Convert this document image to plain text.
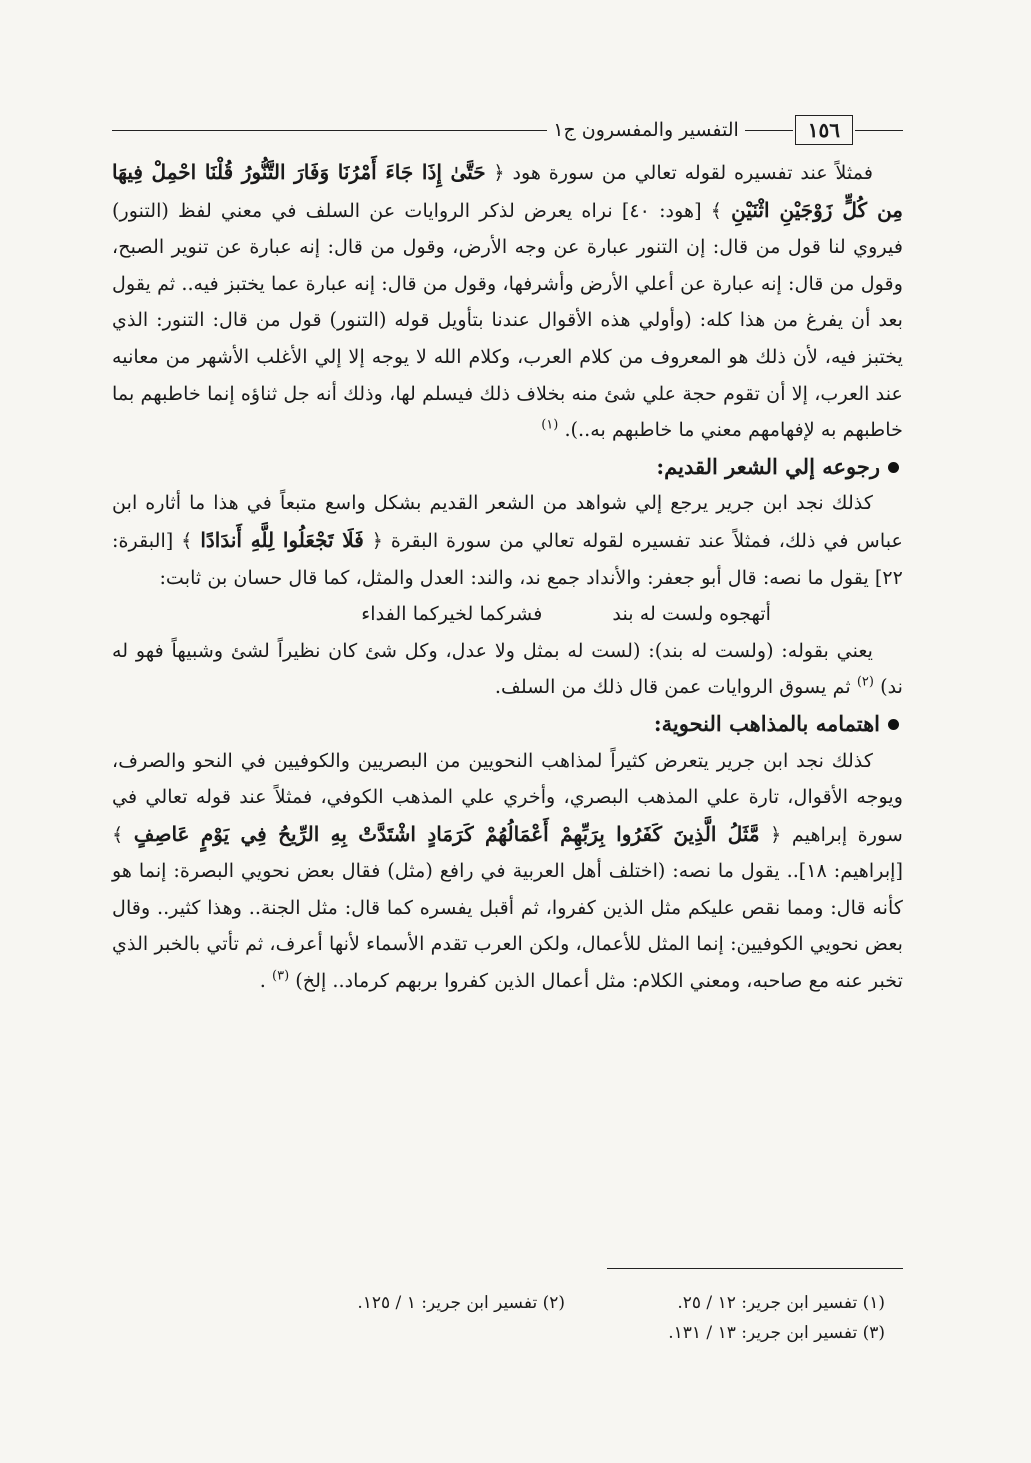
التفسير والمفسرون ج١	١٥٦

فمثلاً عند تفسيره لقوله تعالي من سورة هود ﴿ حَتَّىٰ إِذَا جَاءَ أَمْرُنَا وَفَارَ التَّنُّورُ قُلْنَا احْمِلْ فِيهَا مِن كُلٍّ زَوْجَيْنِ اثْنَيْنِ ﴾ [هود: ٤٠] نراه يعرض لذكر الروايات عن السلف في معني لفظ (التنور) فيروي لنا قول من قال: إن التنور عبارة عن وجه الأرض، وقول من قال: إنه عبارة عن تنوير الصبح، وقول من قال: إنه عبارة عن أعلي الأرض وأشرفها، وقول من قال: إنه عبارة عما يختبز فيه.. ثم يقول بعد أن يفرغ من هذا كله: (وأولي هذه الأقوال عندنا بتأويل قوله (التنور) قول من قال: التنور: الذي يختبز فيه، لأن ذلك هو المعروف من كلام العرب، وكلام الله لا يوجه إلا إلي الأغلب الأشهر من معانيه عند العرب، إلا أن تقوم حجة علي شئ منه بخلاف ذلك فيسلم لها، وذلك أنه جل ثناؤه إنما خاطبهم بما خاطبهم به لإفهامهم معني ما خاطبهم به..). $^{(١)}$

رجوعه إلي الشعر القديم:

كذلك نجد ابن جرير يرجع إلي شواهد من الشعر القديم بشكل واسع متبعاً في هذا ما أثاره ابن عباس في ذلك، فمثلاً عند تفسيره لقوله تعالي من سورة البقرة ﴿ فَلَا تَجْعَلُوا لِلَّهِ أَندَادًا ﴾ [البقرة: ٢٢] يقول ما نصه: قال أبو جعفر: والأنداد جمع ند، والند: العدل والمثل، كما قال حسان بن ثابت:

أتهجوه ولست له بند
فشركما لخيركما الفداء

يعني بقوله: (ولست له بند): (لست له بمثل ولا عدل، وكل شئ كان نظيراً لشئ وشبيهاً فهو له ند) $^{(٢)}$ ثم يسوق الروايات عمن قال ذلك من السلف.

اهتمامه بالمذاهب النحوية:

كذلك نجد ابن جرير يتعرض كثيراً لمذاهب النحويين من البصريين والكوفيين في النحو والصرف، ويوجه الأقوال، تارة علي المذهب البصري، وأخري علي المذهب الكوفي، فمثلاً عند قوله تعالي في سورة إبراهيم ﴿ مَّثَلُ الَّذِينَ كَفَرُوا بِرَبِّهِمْ أَعْمَالُهُمْ كَرَمَادٍ اشْتَدَّتْ بِهِ الرِّيحُ فِي يَوْمٍ عَاصِفٍ ﴾ [إبراهيم: ١٨].. يقول ما نصه: (اختلف أهل العربية في رافع (مثل) فقال بعض نحويي البصرة: إنما هو كأنه قال: ومما نقص عليكم مثل الذين كفروا، ثم أقبل يفسره كما قال: مثل الجنة.. وهذا كثير.. وقال بعض نحويي الكوفيين: إنما المثل للأعمال، ولكن العرب تقدم الأسماء لأنها أعرف، ثم تأتي بالخبر الذي تخبر عنه مع صاحبه، ومعني الكلام: مثل أعمال الذين كفروا بربهم كرماد.. إلخ) $^{(٣)}$ .

(١) تفسير ابن جرير: ١٢ / ٢٥.
(٢) تفسير ابن جرير: ١ / ١٢٥.
(٣) تفسير ابن جرير: ١٣ / ١٣١.
